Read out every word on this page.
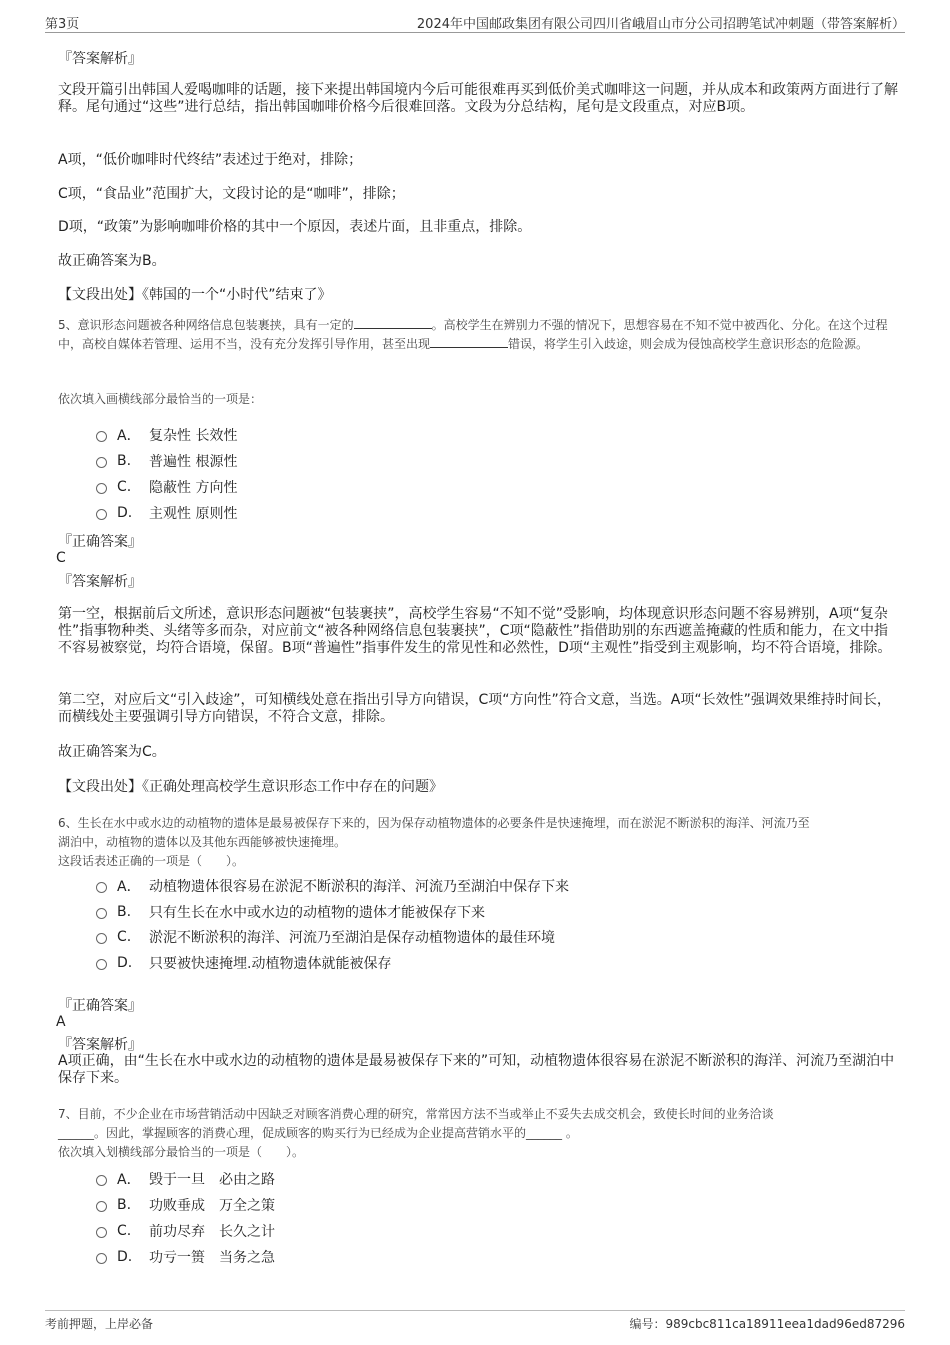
第3页	2024年中国邮政集团有限公司四川省峨眉山市分公司招聘笔试冲刺题（带答案解析）
『答案解析』
文段开篇引出韩国人爱喝咖啡的话题，接下来提出韩国境内今后可能很难再买到低价美式咖啡这一问题，并从成本和政策两方面进行了解释。尾句通过“这些”进行总结，指出韩国咖啡价格今后很难回落。文段为分总结构，尾句是文段重点，对应B项。
A项，“低价咖啡时代终结”表述过于绝对，排除；
C项，“食品业”范围扩大，文段讨论的是“咖啡”，排除；
D项，“政策”为影响咖啡价格的其中一个原因，表述片面，且非重点，排除。
故正确答案为B。
【文段出处】《韩国的一个“小时代”结束了》
5、意识形态问题被各种网络信息包装裹挟，具有一定的	。高校学生在辨别力不强的情况下，思想容易在不知不觉中被西化、分化。在这个过程中，高校自媒体若管理、运用不当，没有充分发挥引导作用，甚至出现	错误，将学生引入歧途，则会成为侵蚀高校学生意识形态的危险源。
依次填入画横线部分最恰当的一项是：
A． 复杂性 长效性
B.	普遍性 根源性
C.	隐蔽性 方向性
D.	主观性 原则性
『正确答案』
C
『答案解析』
第一空，根据前后文所述，意识形态问题被“包装裹挟”，高校学生容易“不知不觉”受影响，均体现意识形态问题不容易辨别，A项“复杂性”指事物种类、头绪等多而杂，对应前文“被各种网络信息包装裹挟”，C项“隐蔽性”指借助别的东西遮盖掩藏的性质和能力，在文中指不容易被察觉，均符合语境，保留。B项“普遍性”指事件发生的常见性和必然性，D项“主观性”指受到主观影响，均不符合语境，排除。
第二空，对应后文“引入歧途”，可知横线处意在指出引导方向错误，C项“方向性”符合文意，当选。A项“长效性”强调效果维持时间长，而横线处主要强调引导方向错误，不符合文意，排除。
故正确答案为C。
【文段出处】《正确处理高校学生意识形态工作中存在的问题》
6、生长在水中或水边的动植物的遗体是最易被保存下来的，因为保存动植物遗体的必要条件是快速掩埋，而在淤泥不断淤积的海洋、河流乃至
湖泊中，动植物的遗体以及其他东西能够被快速掩埋。
这段话表述正确的一项是（　　）。
A． 动植物遗体很容易在淤泥不断淤积的海洋、河流乃至湖泊中保存下来
B.	只有生长在水中或水边的动植物的遗体才能被保存下来
C.	淤泥不断淤积的海洋、河流乃至湖泊是保存动植物遗体的最佳环境
D.	只要被快速掩埋.动植物遗体就能被保存
『正确答案』
A
『答案解析』
A项正确，由“生长在水中或水边的动植物的遗体是最易被保存下来的”可知，动植物遗体很容易在淤泥不断淤积的海洋、河流乃至湖泊中保存下来。
7、目前，不少企业在市场营销活动中因缺乏对顾客消费心理的研究，常常因方法不当或举止不妥失去成交机会，致使长时间的业务洽谈
______。因此，掌握顾客的消费心理，促成顾客的购买行为已经成为企业提高营销水平的______ 。
依次填入划横线部分最恰当的一项是（　　）。
A． 毁于一旦 必由之路
B.	功败垂成 万全之策
C.	前功尽弃 长久之计
D.	功亏一篑 当务之急
考前押题，上岸必备	编号：989cbc811ca18911eea1dad96ed87296
